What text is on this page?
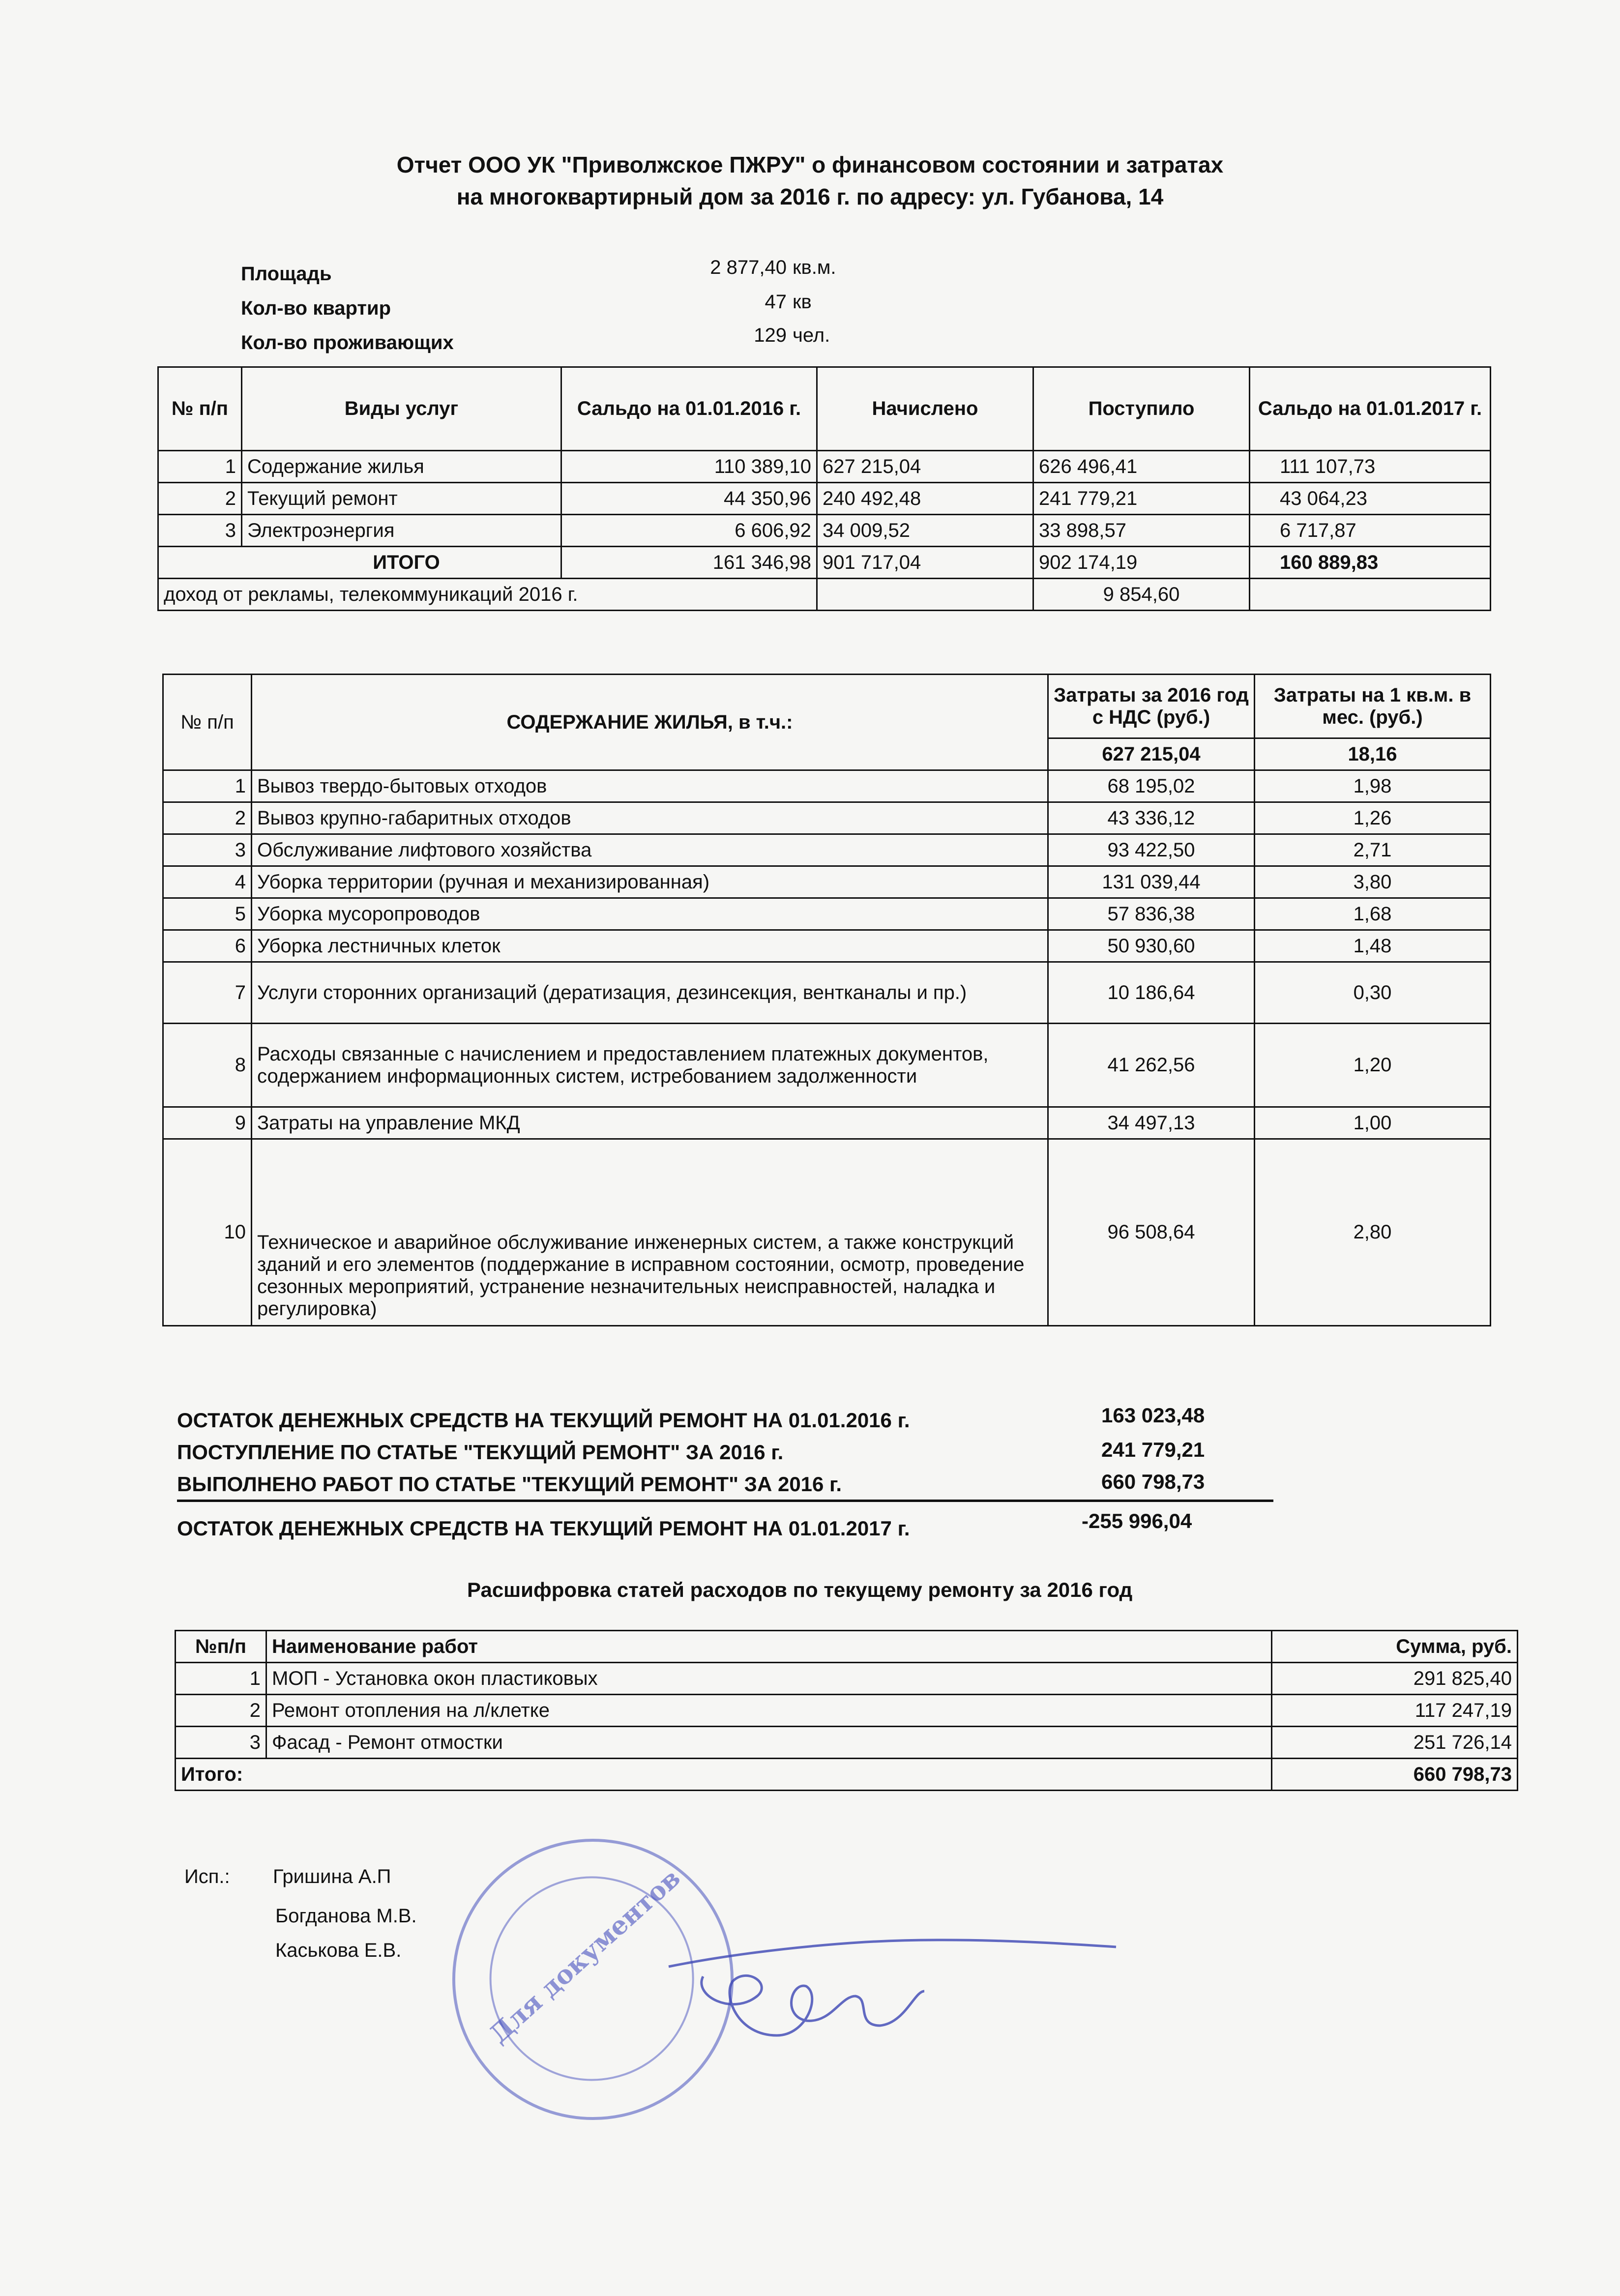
Отчет ООО УК "Приволжское ПЖРУ" о финансовом состоянии и затратах
на многоквартирный дом за 2016 г. по адресу: ул. Губанова, 14
Площадь	2 877,40 кв.м.
Кол-во квартир	47 кв
Кол-во проживающих	129 чел.
№ п/п	Виды услуг	Сальдо на 01.01.2016 г.	Начислено	Поступило	Сальдо на 01.01.2017 г.
1	Содержание жилья	110 389,10	627 215,04	626 496,41	111 107,73
2	Текущий ремонт	44 350,96	240 492,48	241 779,21	43 064,23
3	Электроэнергия	6 606,92	34 009,52	33 898,57	6 717,87
ИТОГО		161 346,98	901 717,04	902 174,19	160 889,83
доход от рекламы, телекоммуникаций 2016 г.				9 854,60	
№ п/п	СОДЕРЖАНИЕ ЖИЛЬЯ, в т.ч.:	Затраты за 2016 год с НДС (руб.)	Затраты на 1 кв.м. в мес. (руб.)
		627 215,04	18,16
1	Вывоз твердо-бытовых отходов	68 195,02	1,98
2	Вывоз крупно-габаритных отходов	43 336,12	1,26
3	Обслуживание лифтового хозяйства	93 422,50	2,71
4	Уборка территории (ручная и механизированная)	131 039,44	3,80
5	Уборка мусоропроводов	57 836,38	1,68
6	Уборка лестничных клеток	50 930,60	1,48
7	Услуги сторонних организаций (дератизация, дезинсекция, вентканалы и пр.)	10 186,64	0,30
8	Расходы связанные с начислением и предоставлением платежных документов, содержанием информационных систем, истребованием задолженности	41 262,56	1,20
9	Затраты на управление МКД	34 497,13	1,00
10	Техническое и аварийное обслуживание инженерных систем, а также конструкций зданий и его элементов (поддержание в исправном состоянии, осмотр, проведение сезонных мероприятий, устранение незначительных неисправностей, наладка и регулировка)	96 508,64	2,80
ОСТАТОК ДЕНЕЖНЫХ СРЕДСТВ НА ТЕКУЩИЙ РЕМОНТ НА 01.01.2016 г.	163 023,48
ПОСТУПЛЕНИЕ ПО СТАТЬЕ "ТЕКУЩИЙ РЕМОНТ" ЗА 2016 г.	241 779,21
ВЫПОЛНЕНО РАБОТ ПО СТАТЬЕ "ТЕКУЩИЙ РЕМОНТ" ЗА 2016 г.	660 798,73
ОСТАТОК ДЕНЕЖНЫХ СРЕДСТВ НА ТЕКУЩИЙ РЕМОНТ НА 01.01.2017 г.	-255 996,04
Расшифровка статей расходов по текущему ремонту за 2016 год
№п/п	Наименование работ	Сумма, руб.
1	МОП - Установка окон пластиковых	291 825,40
2	Ремонт отопления на л/клетке	117 247,19
3	Фасад - Ремонт отмостки	251 726,14
Итого:		660 798,73
Исп.: Гришина А.П
Богданова М.В.
Каськова Е.В.	Для документов
